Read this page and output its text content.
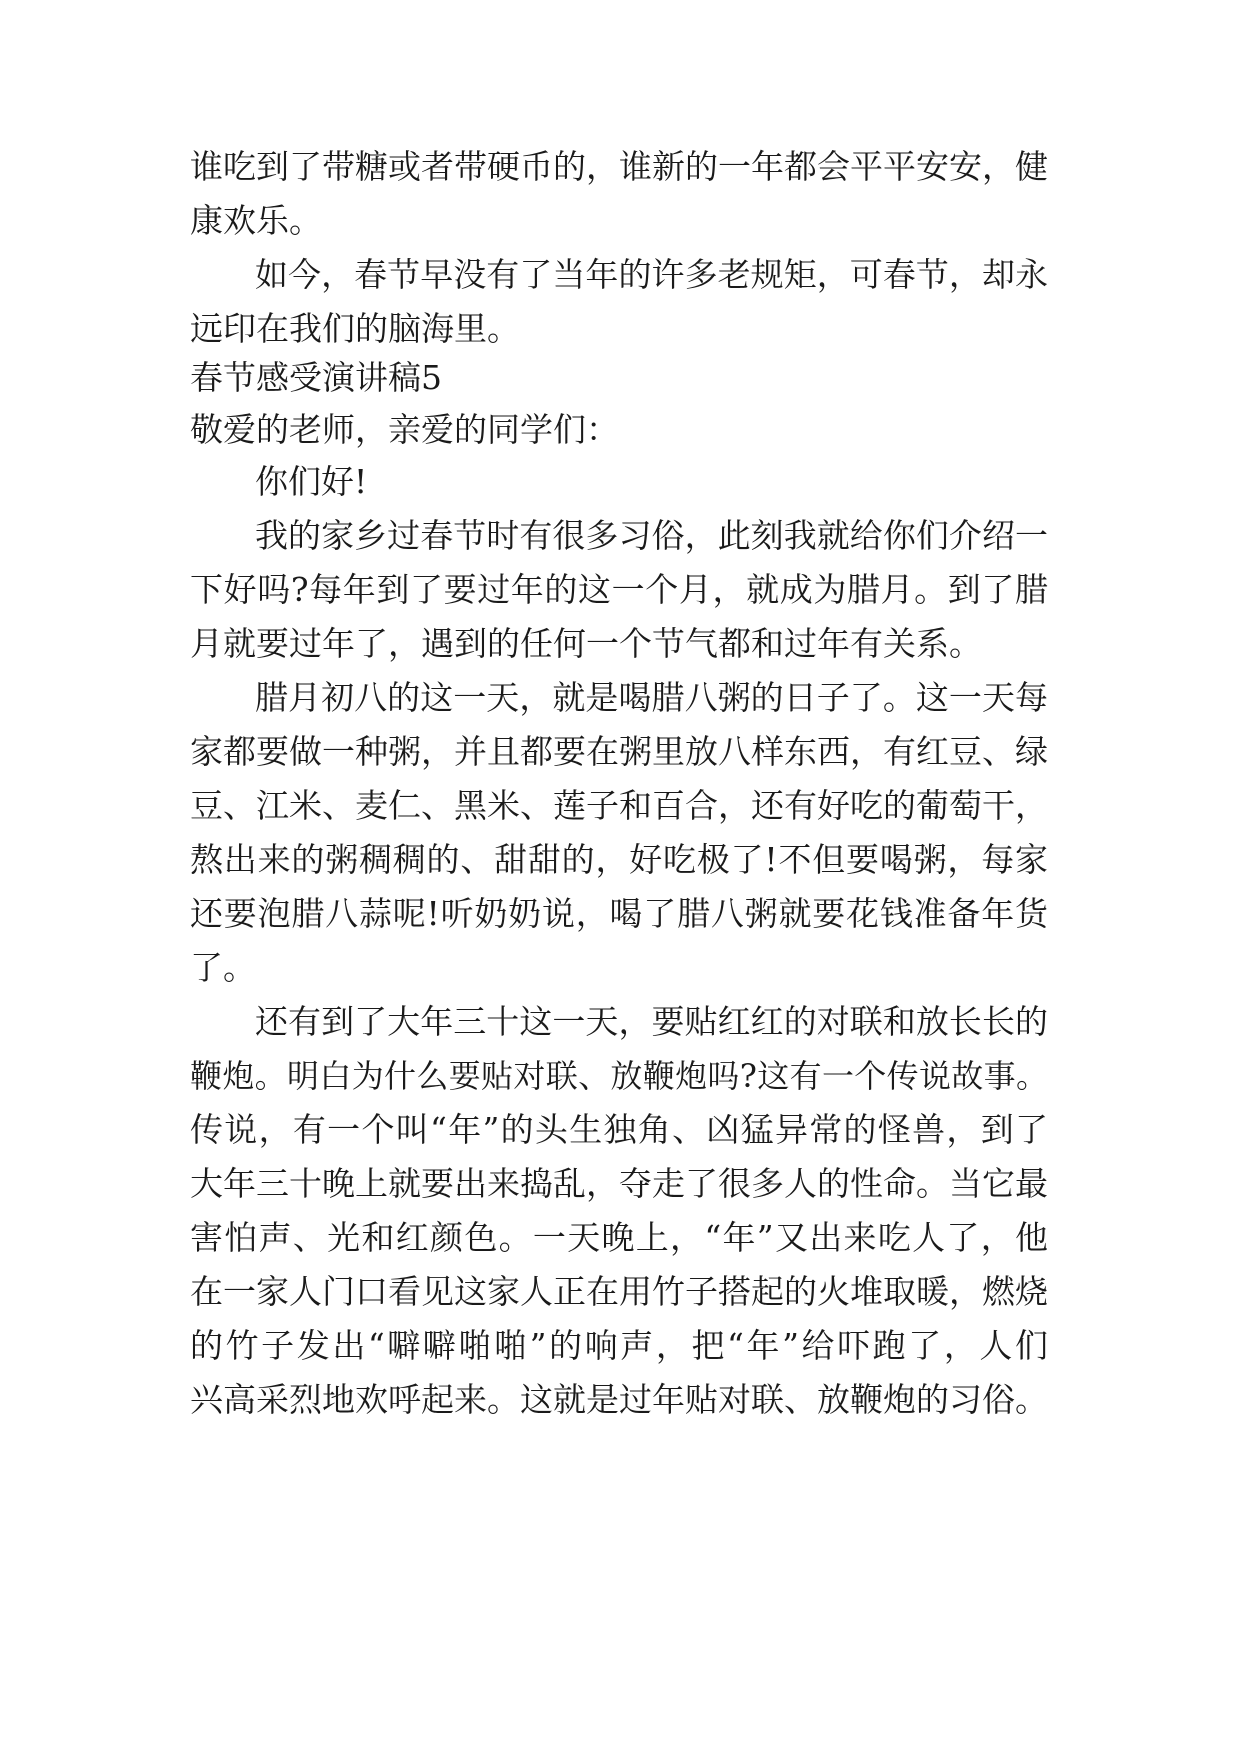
谁吃到了带糖或者带硬币的，谁新的一年都会平平安安，健
康欢乐。
如今，春节早没有了当年的许多老规矩，可春节，却永
远印在我们的脑海里。
春节感受演讲稿5
敬爱的老师，亲爱的同学们：
你们好!
我的家乡过春节时有很多习俗，此刻我就给你们介绍一
下好吗?每年到了要过年的这一个月，就成为腊月。到了腊
月就要过年了，遇到的任何一个节气都和过年有关系。
腊月初八的这一天，就是喝腊八粥的日子了。这一天每
家都要做一种粥，并且都要在粥里放八样东西，有红豆、绿
豆、江米、麦仁、黑米、莲子和百合，还有好吃的葡萄干，
熬出来的粥稠稠的、甜甜的，好吃极了!不但要喝粥，每家
还要泡腊八蒜呢!听奶奶说，喝了腊八粥就要花钱准备年货
了。
还有到了大年三十这一天，要贴红红的对联和放长长的
鞭炮。明白为什么要贴对联、放鞭炮吗?这有一个传说故事。
传说，有一个叫“年”的头生独角、凶猛异常的怪兽，到了
大年三十晚上就要出来捣乱，夺走了很多人的性命。当它最
害怕声、光和红颜色。一天晚上，“年”又出来吃人了，他
在一家人门口看见这家人正在用竹子搭起的火堆取暖，燃烧
的竹子发出“噼噼啪啪”的响声，把“年”给吓跑了，人们
兴高采烈地欢呼起来。这就是过年贴对联、放鞭炮的习俗。
